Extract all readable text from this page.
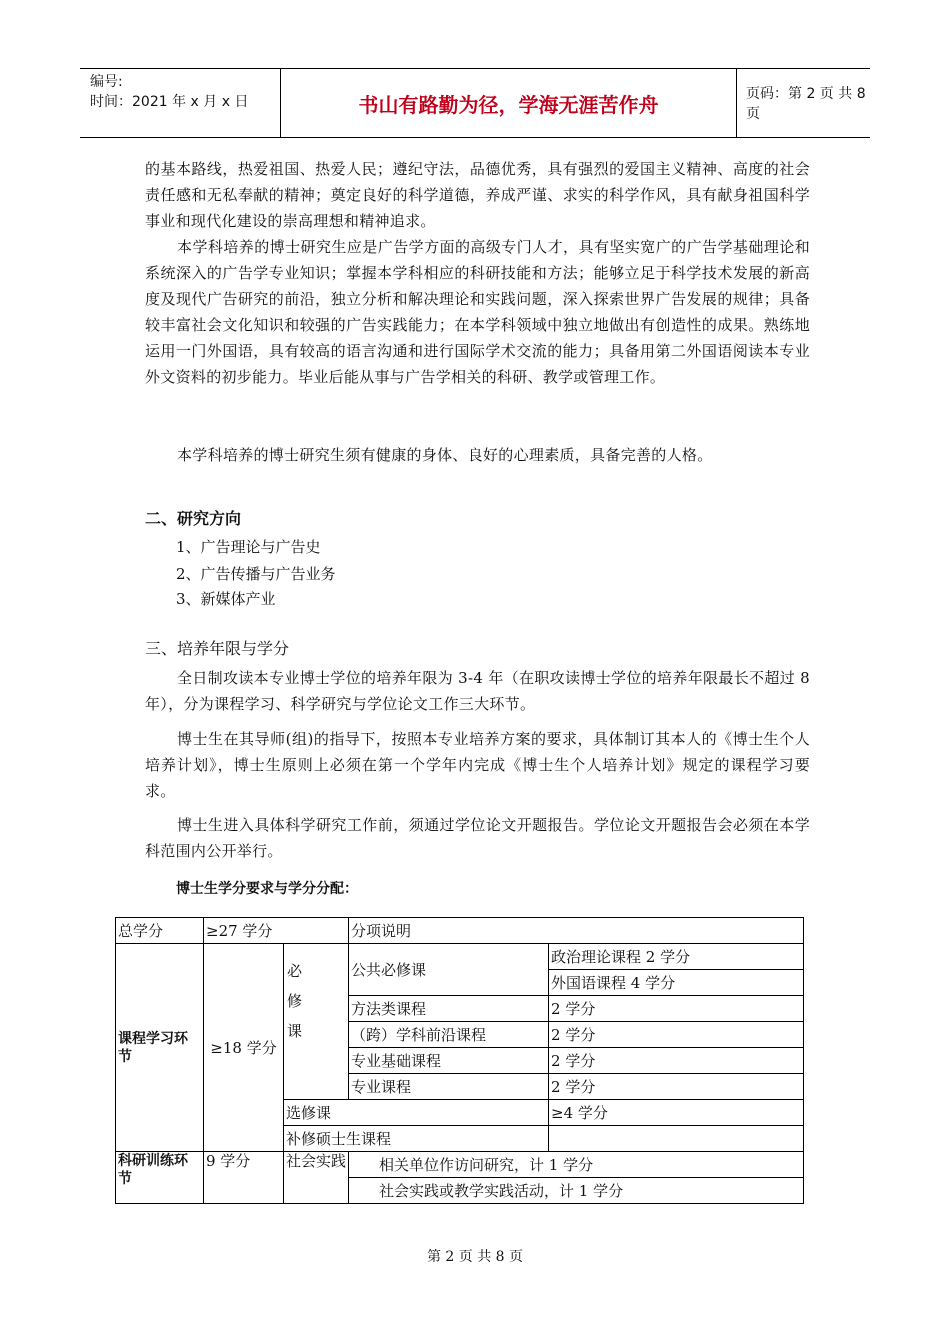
编号:
时间：2021 年 x 月 x 日	书山有路勤为径，学海无涯苦作舟	页码：第 2 页 共 8 页
的基本路线，热爱祖国、热爱人民；遵纪守法，品德优秀，具有强烈的爱国主义精神、高度的社会责任感和无私奉献的精神；奠定良好的科学道德，养成严谨、求实的科学作风，具有献身祖国科学事业和现代化建设的崇高理想和精神追求。
本学科培养的博士研究生应是广告学方面的高级专门人才，具有坚实宽广的广告学基础理论和系统深入的广告学专业知识；掌握本学科相应的科研技能和方法；能够立足于科学技术发展的新高度及现代广告研究的前沿，独立分析和解决理论和实践问题，深入探索世界广告发展的规律；具备较丰富社会文化知识和较强的广告实践能力；在本学科领域中独立地做出有创造性的成果。熟练地运用一门外国语，具有较高的语言沟通和进行国际学术交流的能力；具备用第二外国语阅读本专业外文资料的初步能力。毕业后能从事与广告学相关的科研、教学或管理工作。
本学科培养的博士研究生须有健康的身体、良好的心理素质，具备完善的人格。
二、研究方向
1、广告理论与广告史
2、广告传播与广告业务
3、新媒体产业
三、培养年限与学分
全日制攻读本专业博士学位的培养年限为 3-4 年（在职攻读博士学位的培养年限最长不超过 8 年），分为课程学习、科学研究与学位论文工作三大环节。
博士生在其导师(组)的指导下，按照本专业培养方案的要求，具体制订其本人的《博士生个人培养计划》，博士生原则上必须在第一个学年内完成《博士生个人培养计划》规定的课程学习要求。
博士生进入具体科学研究工作前，须通过学位论文开题报告。学位论文开题报告会必须在本学科范围内公开举行。
博士生学分要求与学分分配：
总学分	≥27 学分		分项说明	
课程学习环节	≥18 学分	必
修
课	公共必修课	政治理论课程 2 学分
				外国语课程 4 学分
			方法类课程	2 学分
			（跨）学科前沿课程	2 学分
			专业基础课程	2 学分
			专业课程	2 学分
		选修课		≥4 学分
		补修硕士生课程		
科研训练环节	9 学分	社会实践	相关单位作访问研究，计 1 学分	
			社会实践或教学实践活动，计 1 学分	
第 2 页 共 8 页
